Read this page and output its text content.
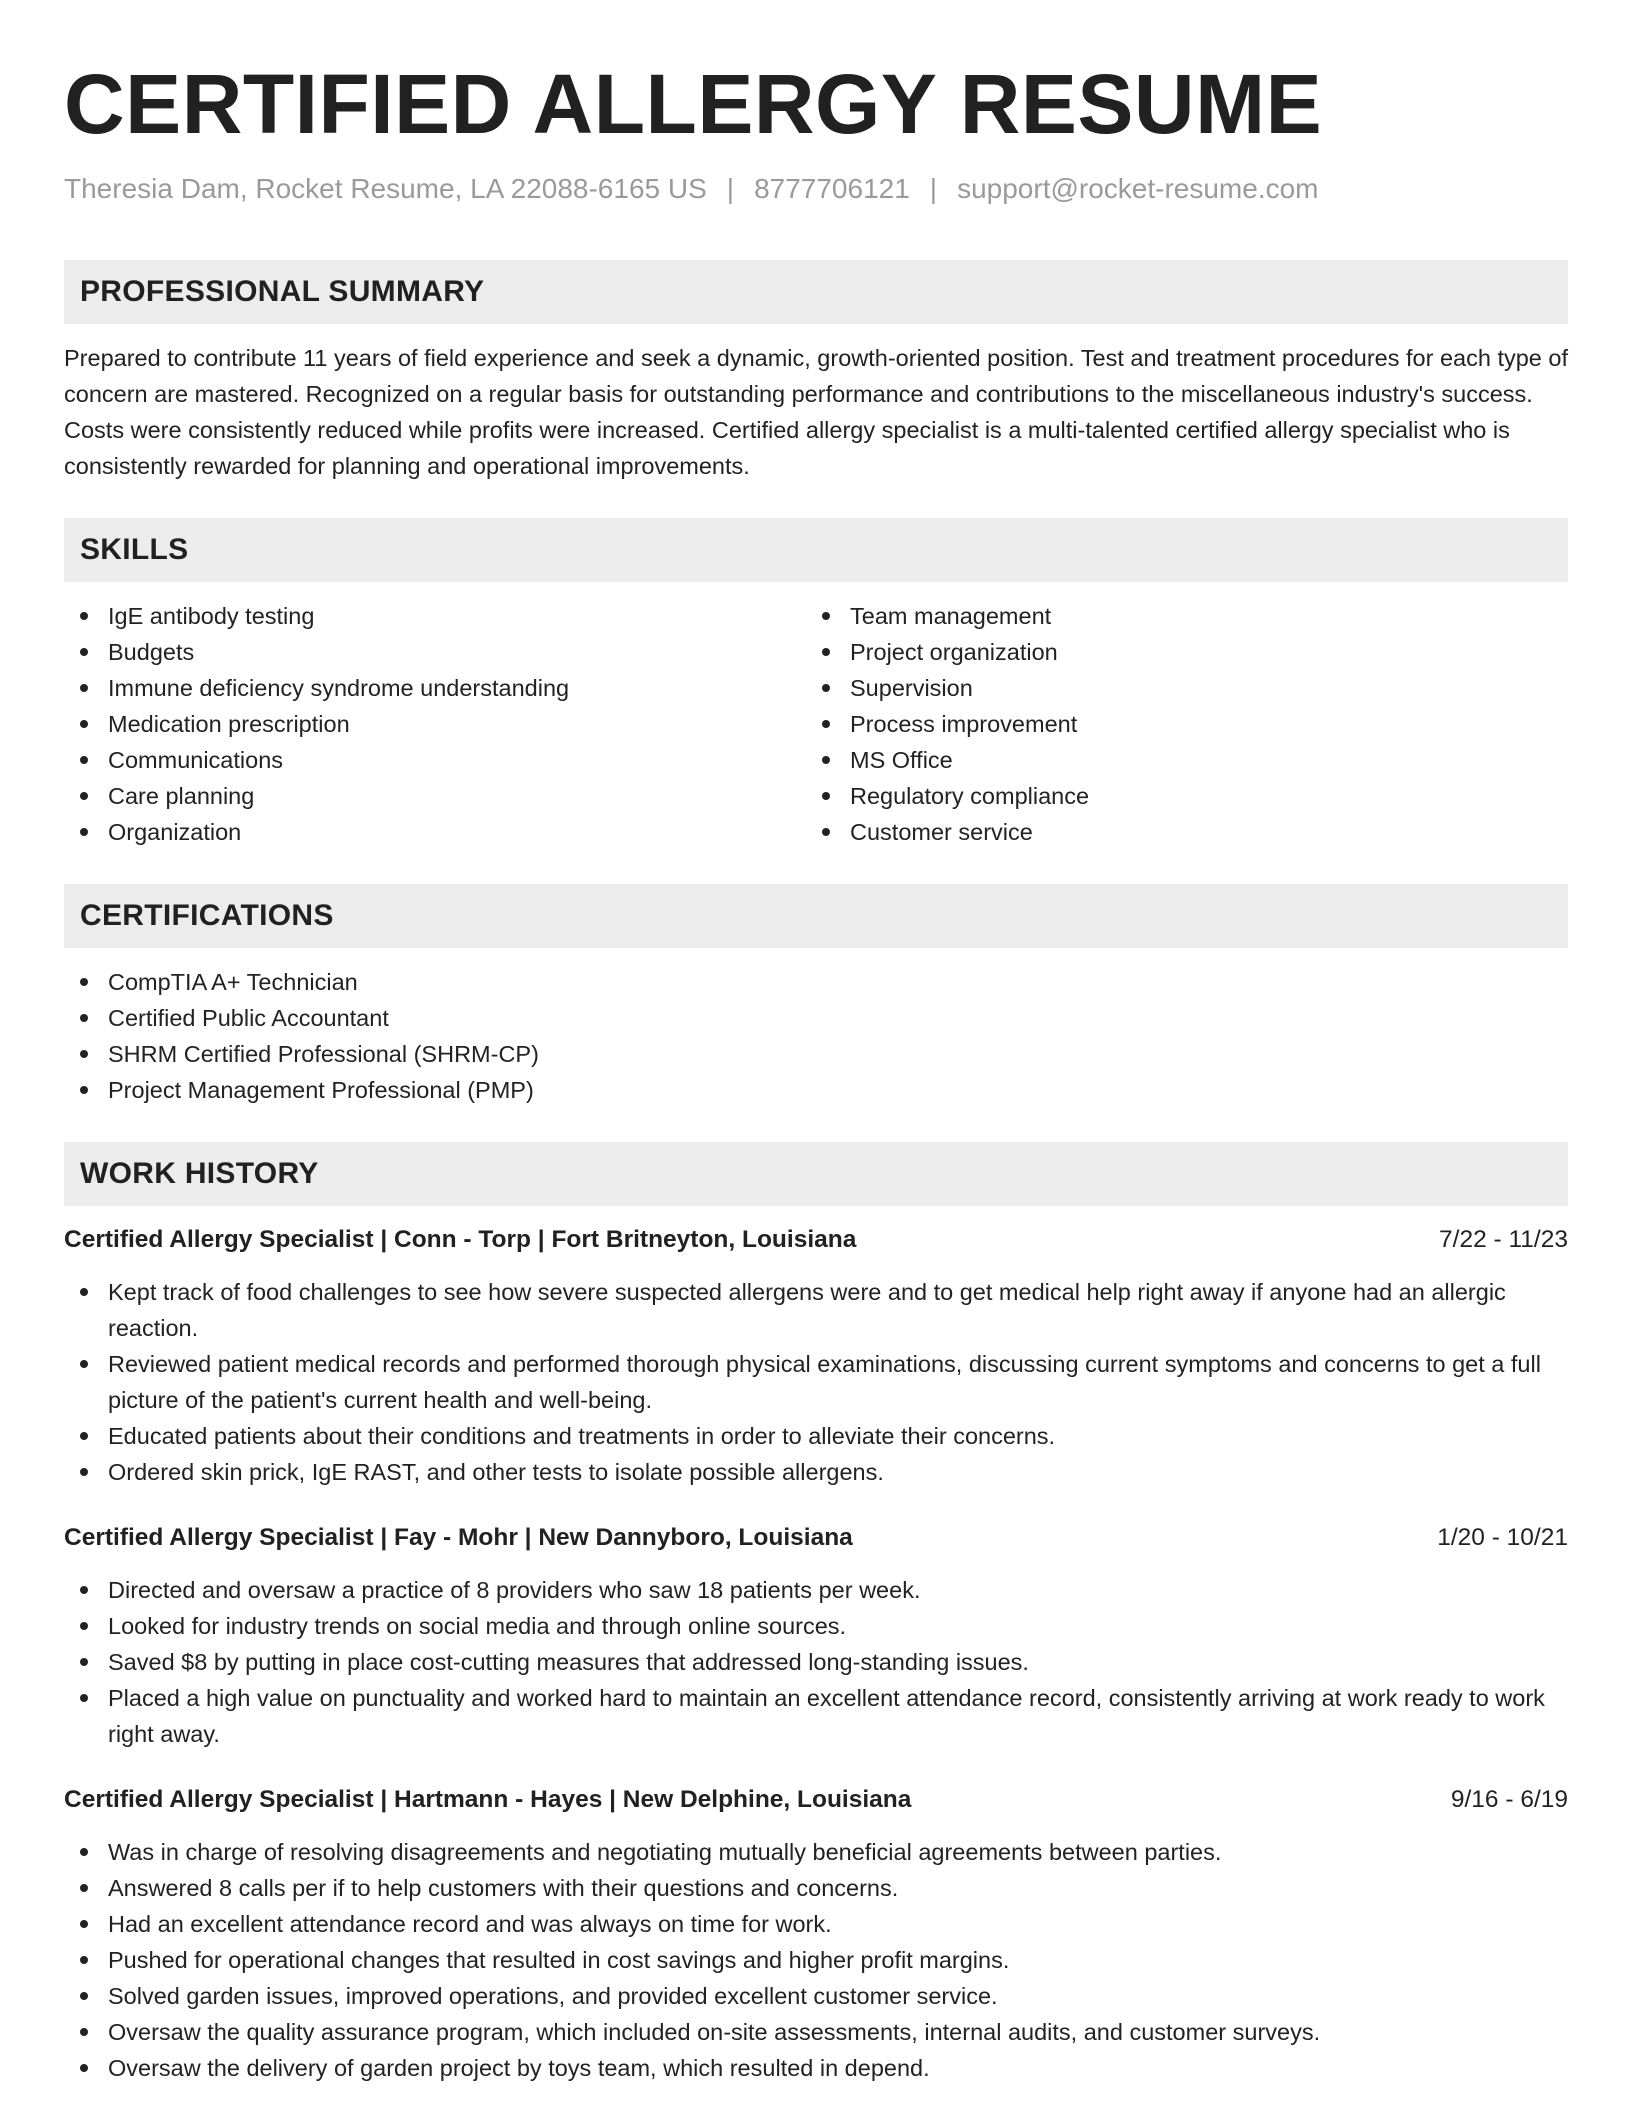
CERTIFIED ALLERGY RESUME
Theresia Dam, Rocket Resume, LA 22088-6165 US | 8777706121 | support@rocket-resume.com
PROFESSIONAL SUMMARY

Prepared to contribute 11 years of field experience and seek a dynamic, growth-oriented position. Test and treatment procedures for each type of concern are mastered. Recognized on a regular basis for outstanding performance and contributions to the miscellaneous industry's success. Costs were consistently reduced while profits were increased. Certified allergy specialist is a multi-talented certified allergy specialist who is consistently rewarded for planning and operational improvements.

SKILLS
IgE antibody testing
Budgets
Immune deficiency syndrome understanding
Medication prescription
Communications
Care planning
Organization
Team management
Project organization
Supervision
Process improvement
MS Office
Regulatory compliance
Customer service
CERTIFICATIONS
CompTIA A+ Technician
Certified Public Accountant
SHRM Certified Professional (SHRM-CP)
Project Management Professional (PMP)
WORK HISTORY
Certified Allergy Specialist | Conn - Torp | Fort Britneyton, Louisiana	7/22 - 11/23
Kept track of food challenges to see how severe suspected allergens were and to get medical help right away if anyone had an allergic reaction.
Reviewed patient medical records and performed thorough physical examinations, discussing current symptoms and concerns to get a full picture of the patient's current health and well-being.
Educated patients about their conditions and treatments in order to alleviate their concerns.
Ordered skin prick, IgE RAST, and other tests to isolate possible allergens.
Certified Allergy Specialist | Fay - Mohr | New Dannyboro, Louisiana	1/20 - 10/21
Directed and oversaw a practice of 8 providers who saw 18 patients per week.
Looked for industry trends on social media and through online sources.
Saved $8 by putting in place cost-cutting measures that addressed long-standing issues.
Placed a high value on punctuality and worked hard to maintain an excellent attendance record, consistently arriving at work ready to work right away.
Certified Allergy Specialist | Hartmann - Hayes | New Delphine, Louisiana	9/16 - 6/19
Was in charge of resolving disagreements and negotiating mutually beneficial agreements between parties.
Answered 8 calls per if to help customers with their questions and concerns.
Had an excellent attendance record and was always on time for work.
Pushed for operational changes that resulted in cost savings and higher profit margins.
Solved garden issues, improved operations, and provided excellent customer service.
Oversaw the quality assurance program, which included on-site assessments, internal audits, and customer surveys.
Oversaw the delivery of garden project by toys team, which resulted in depend.
